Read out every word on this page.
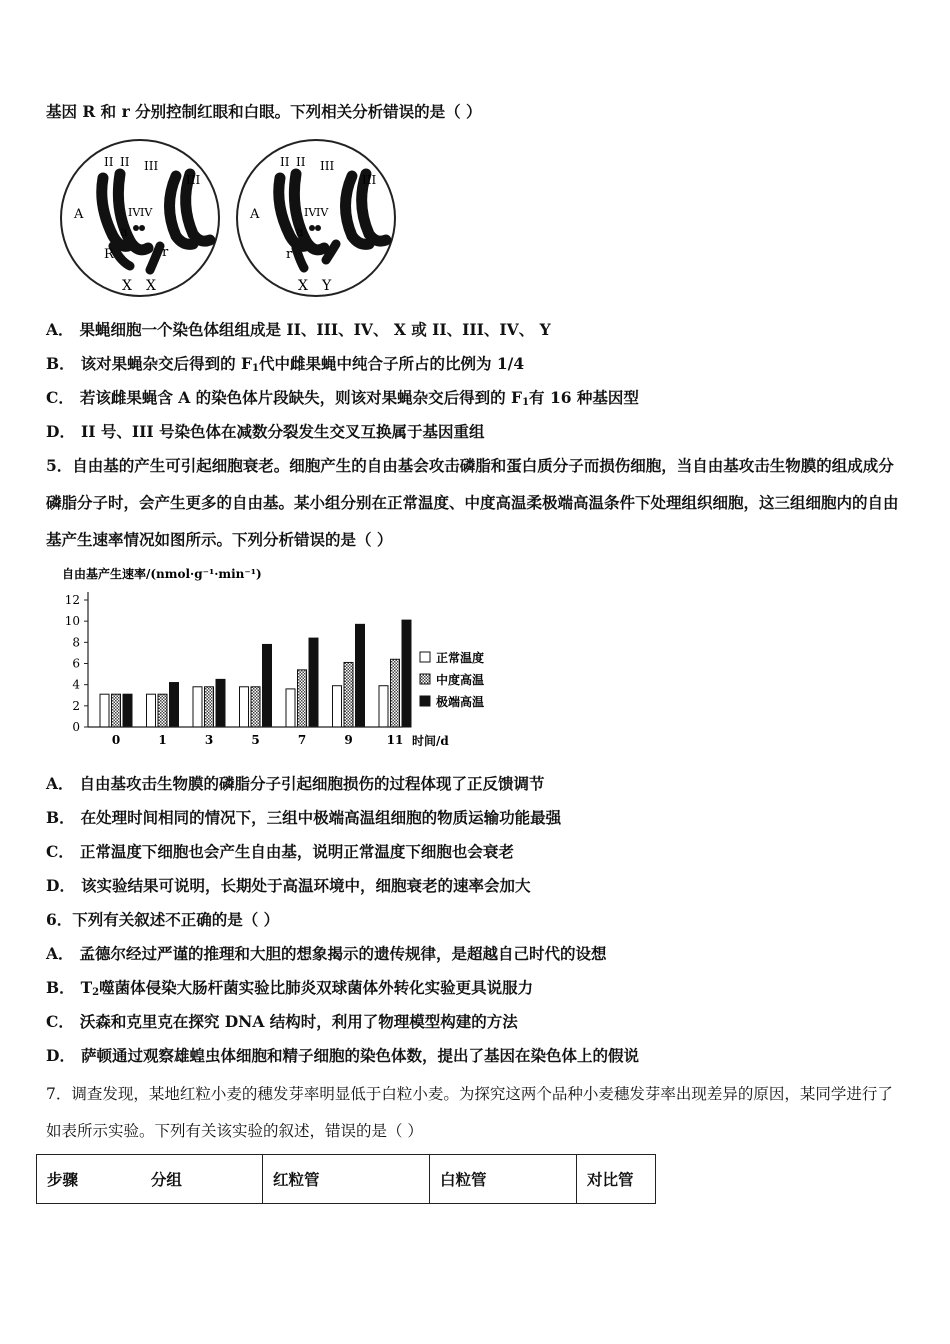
基因 R 和 r 分别控制红眼和白眼。下列相关分析错误的是（ ）
II II III
III
IV IV
A
a
R	r
X X
II II III
III
IV IV
A
a
r
X Y
A． 果蝇细胞一个染色体组组成是 II、III、IV、 X 或 II、III、IV、 Y
B． 该对果蝇杂交后得到的 $F_1$代中雌果蝇中纯合子所占的比例为 1/4
C． 若该雌果蝇含 A 的染色体片段缺失，则该对果蝇杂交后得到的 $F_1$有 16 种基因型
D． II 号、III 号染色体在减数分裂发生交叉互换属于基因重组
5．自由基的产生可引起细胞衰老。细胞产生的自由基会攻击磷脂和蛋白质分子而损伤细胞，当自由基攻击生物膜的组成成分磷脂分子时，会产生更多的自由基。某小组分别在正常温度、中度高温柔极端高温条件下处理组织细胞，这三组细胞内的自由基产生速率情况如图所示。下列分析错误的是（ ）
自由基产生速率/(nmol·g⁻¹·min⁻¹)
0
2
4
6
8
10
12
0	1	3	5	7	9	11 时间/d
正常温度
中度高温
极端高温
A． 自由基攻击生物膜的磷脂分子引起细胞损伤的过程体现了正反馈调节
B． 在处理时间相同的情况下，三组中极端高温组细胞的物质运输功能最强
C． 正常温度下细胞也会产生自由基，说明正常温度下细胞也会衰老
D． 该实验结果可说明，长期处于高温环境中，细胞衰老的速率会加大
6．下列有关叙述不正确的是（ ）
A． 孟德尔经过严谨的推理和大胆的想象揭示的遗传规律，是超越自己时代的设想
B． $T_2$噬菌体侵染大肠杆菌实验比肺炎双球菌体外转化实验更具说服力
C． 沃森和克里克在探究 DNA 结构时，利用了物理模型构建的方法
D． 萨顿通过观察雄蝗虫体细胞和精子细胞的染色体数，提出了基因在染色体上的假说
7．调查发现，某地红粒小麦的穗发芽率明显低于白粒小麦。为探究这两个品种小麦穗发芽率出现差异的原因，某同学进行了如表所示实验。下列有关该实验的叙述，错误的是（ ）
步骤	分组	红粒管	白粒管	对比管
